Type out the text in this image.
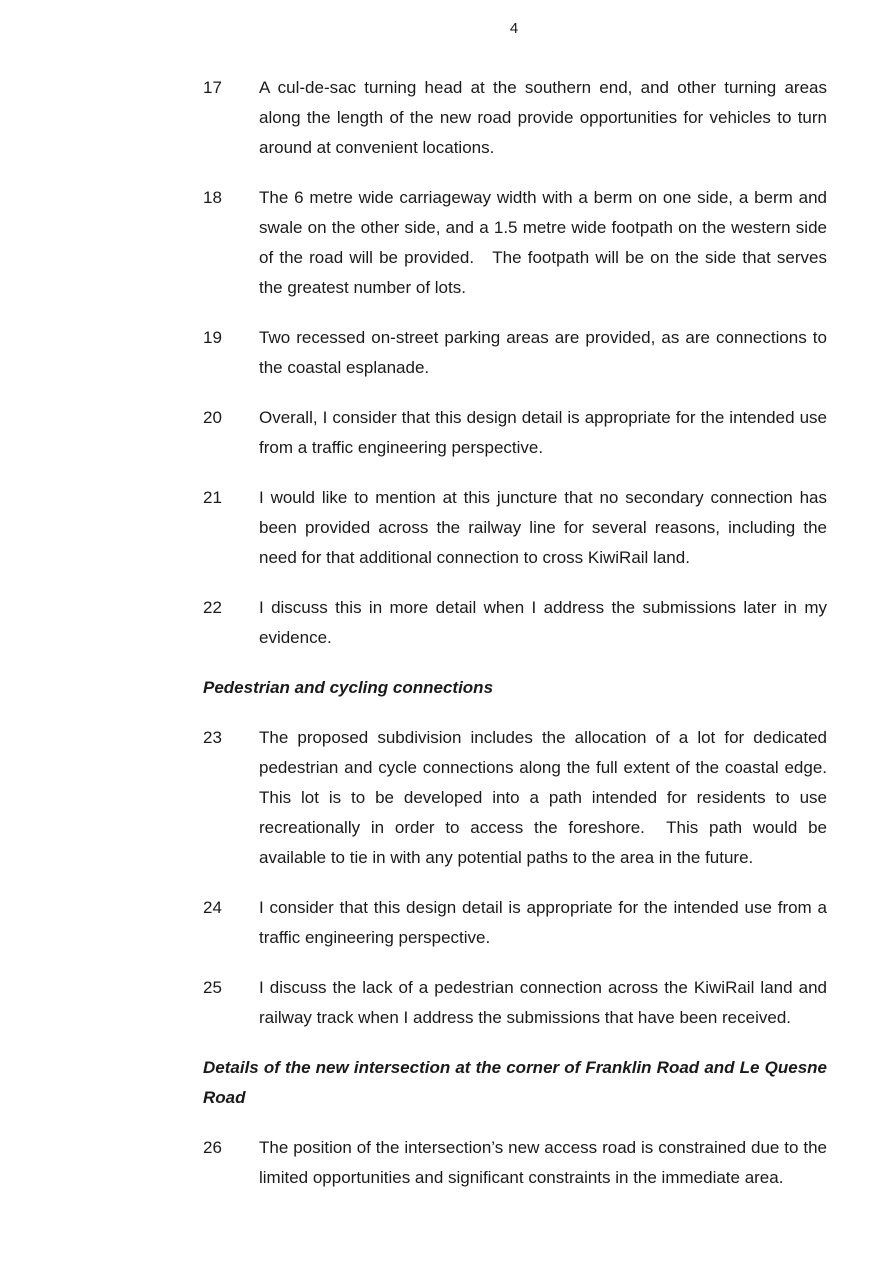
4
17	A cul-de-sac turning head at the southern end, and other turning areas along the length of the new road provide opportunities for vehicles to turn around at convenient locations.
18	The 6 metre wide carriageway width with a berm on one side, a berm and swale on the other side, and a 1.5 metre wide footpath on the western side of the road will be provided.   The footpath will be on the side that serves the greatest number of lots.
19	Two recessed on-street parking areas are provided, as are connections to the coastal esplanade.
20	Overall, I consider that this design detail is appropriate for the intended use from a traffic engineering perspective.
21	I would like to mention at this juncture that no secondary connection has been provided across the railway line for several reasons, including the need for that additional connection to cross KiwiRail land.
22	I discuss this in more detail when I address the submissions later in my evidence.
Pedestrian and cycling connections
23	The proposed subdivision includes the allocation of a lot for dedicated pedestrian and cycle connections along the full extent of the coastal edge. This lot is to be developed into a path intended for residents to use recreationally in order to access the foreshore.  This path would be available to tie in with any potential paths to the area in the future.
24	I consider that this design detail is appropriate for the intended use from a traffic engineering perspective.
25	I discuss the lack of a pedestrian connection across the KiwiRail land and railway track when I address the submissions that have been received.
Details of the new intersection at the corner of Franklin Road and Le Quesne Road
26	The position of the intersection’s new access road is constrained due to the limited opportunities and significant constraints in the immediate area.
